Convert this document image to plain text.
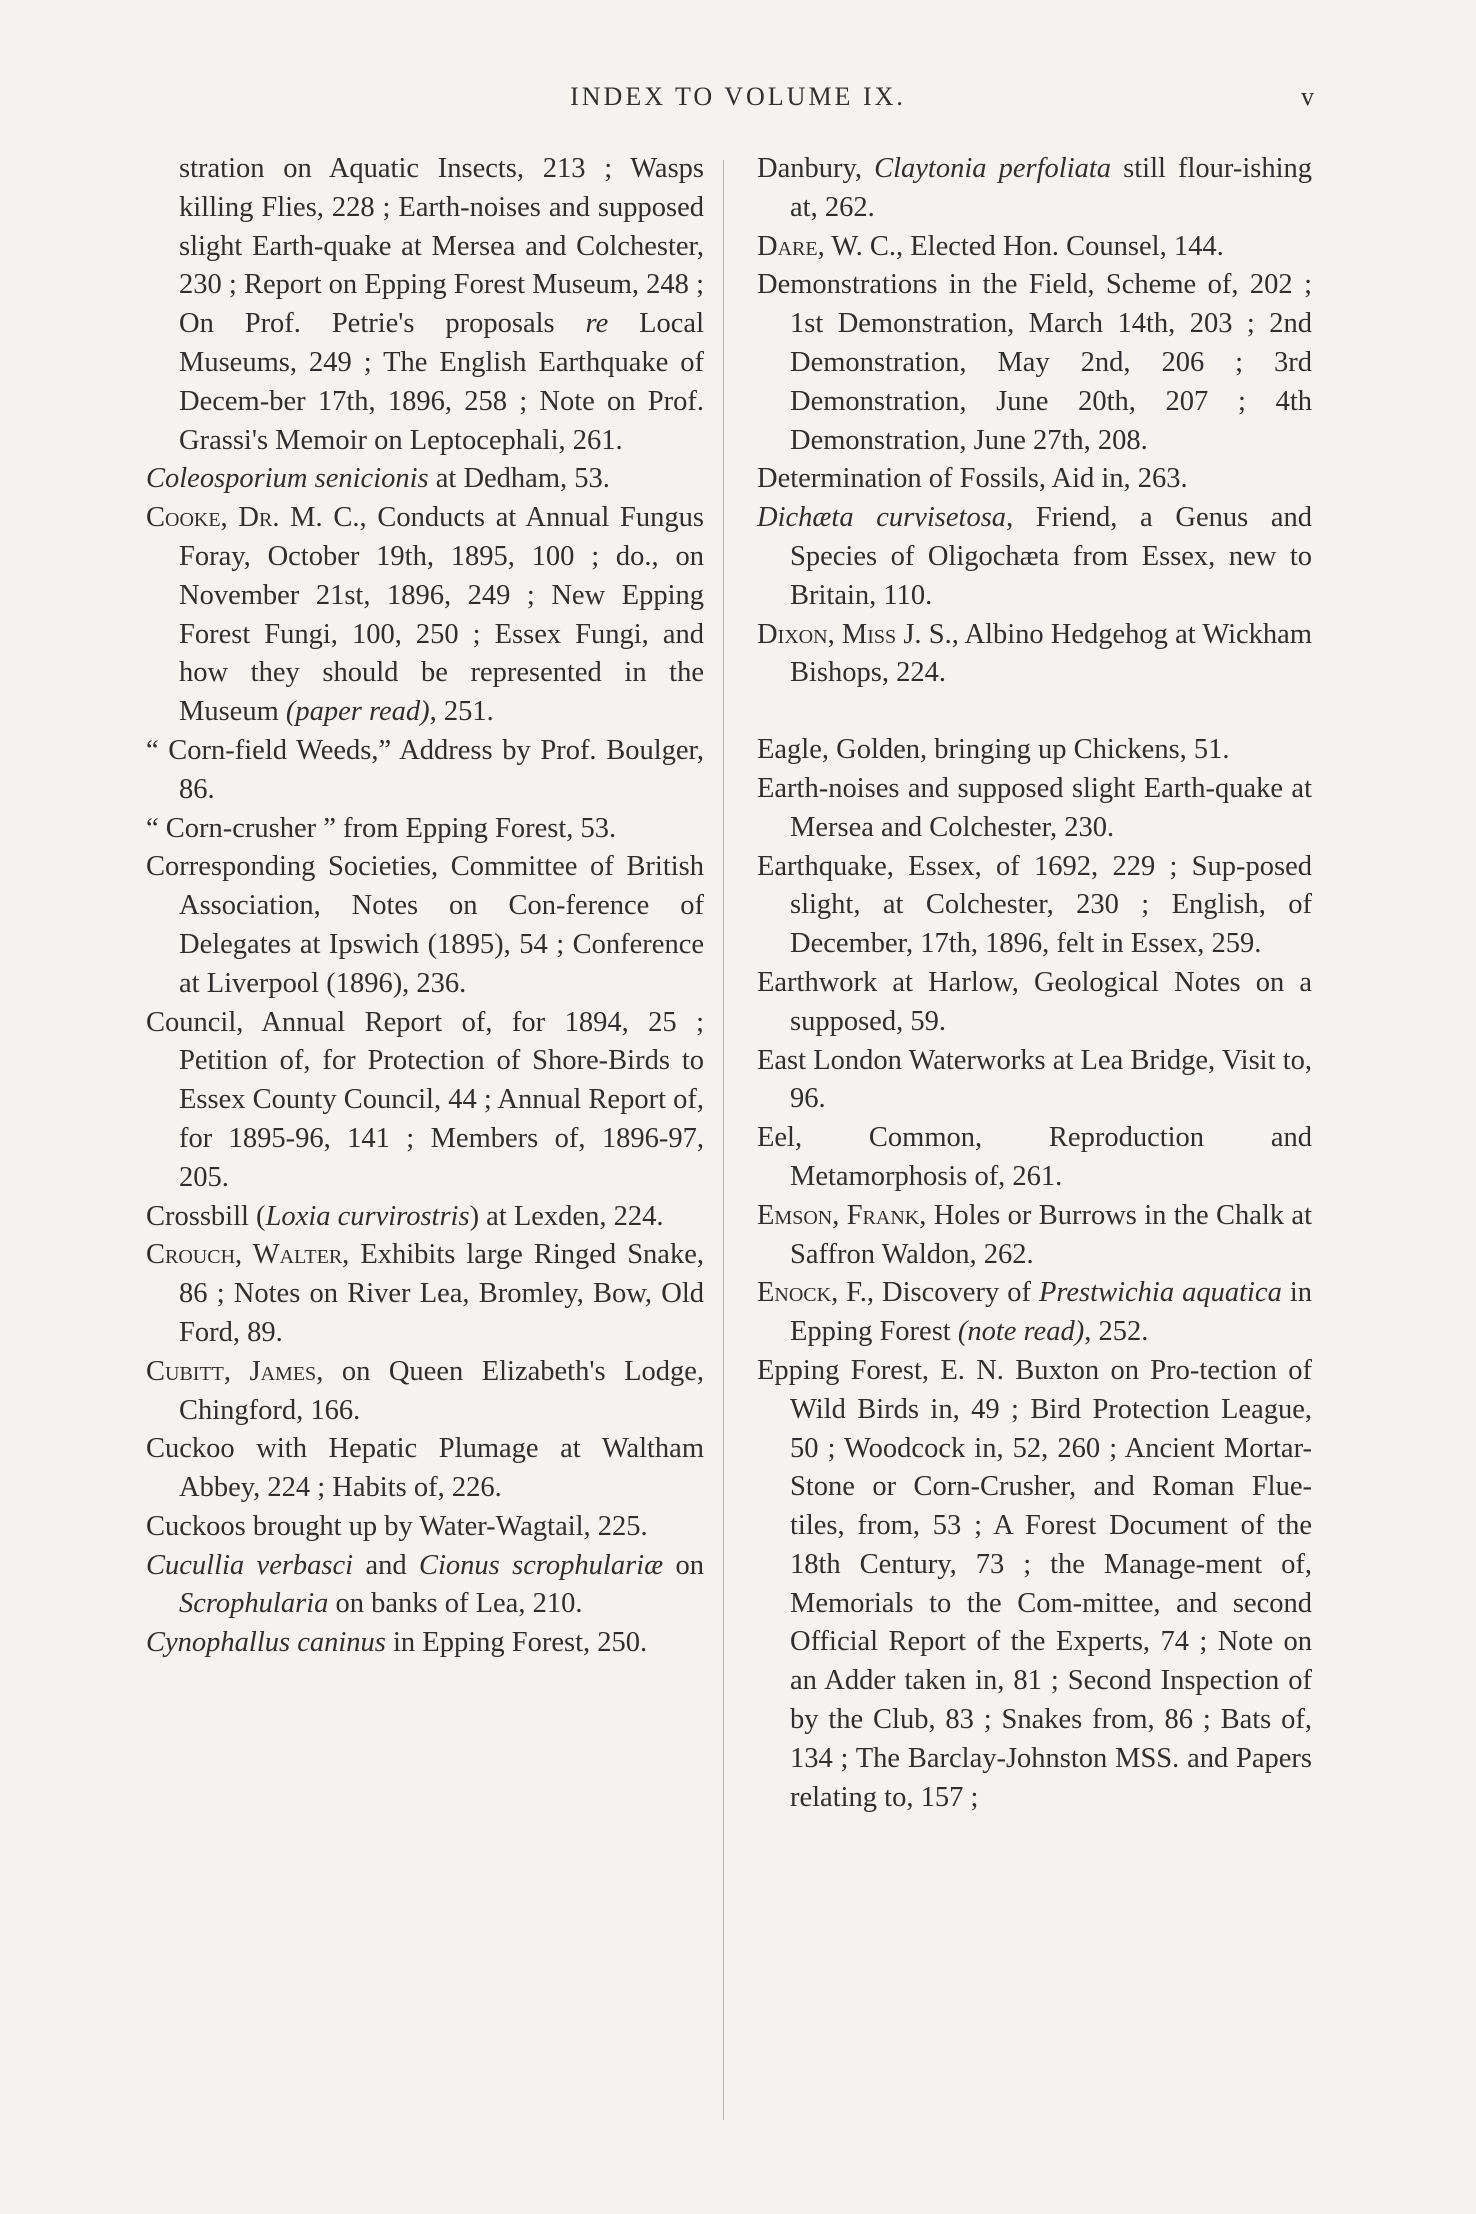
INDEX TO VOLUME IX.	v

stration on Aquatic Insects, 213 ; Wasps killing Flies, 228 ; Earth-noises and supposed slight Earth-quake at Mersea and Colchester, 230 ; Report on Epping Forest Museum, 248 ; On Prof. Petrie's proposals re Local Museums, 249 ; The English Earthquake of Decem-ber 17th, 1896, 258 ; Note on Prof. Grassi's Memoir on Leptocephali, 261.

Coleosporium senicionis at Dedham, 53.

Cooke, Dr. M. C., Conducts at Annual Fungus Foray, October 19th, 1895, 100 ; do., on November 21st, 1896, 249 ; New Epping Forest Fungi, 100, 250 ; Essex Fungi, and how they should be represented in the Museum (paper read), 251.

“ Corn-field Weeds,” Address by Prof. Boulger, 86.

“ Corn-crusher ” from Epping Forest, 53.

Corresponding Societies, Committee of British Association, Notes on Con-ference of Delegates at Ipswich (1895), 54 ; Conference at Liverpool (1896), 236.

Council, Annual Report of, for 1894, 25 ; Petition of, for Protection of Shore-Birds to Essex County Council, 44 ; Annual Report of, for 1895-96, 141 ; Members of, 1896-97, 205.

Crossbill (Loxia curvirostris) at Lexden, 224.

Crouch, Walter, Exhibits large Ringed Snake, 86 ; Notes on River Lea, Bromley, Bow, Old Ford, 89.

Cubitt, James, on Queen Elizabeth's Lodge, Chingford, 166.

Cuckoo with Hepatic Plumage at Waltham Abbey, 224 ; Habits of, 226.

Cuckoos brought up by Water-Wagtail, 225.

Cucullia verbasci and Cionus scrophulariæ on Scrophularia on banks of Lea, 210.

Cynophallus caninus in Epping Forest, 250.

Danbury, Claytonia perfoliata still flour-ishing at, 262.

Dare, W. C., Elected Hon. Counsel, 144.

Demonstrations in the Field, Scheme of, 202 ; 1st Demonstration, March 14th, 203 ; 2nd Demonstration, May 2nd, 206 ; 3rd Demonstration, June 20th, 207 ; 4th Demonstration, June 27th, 208.

Determination of Fossils, Aid in, 263.

Dichæta curvisetosa, Friend, a Genus and Species of Oligochæta from Essex, new to Britain, 110.

Dixon, Miss J. S., Albino Hedgehog at Wickham Bishops, 224.

Eagle, Golden, bringing up Chickens, 51.

Earth-noises and supposed slight Earth-quake at Mersea and Colchester, 230.

Earthquake, Essex, of 1692, 229 ; Sup-posed slight, at Colchester, 230 ; English, of December, 17th, 1896, felt in Essex, 259.

Earthwork at Harlow, Geological Notes on a supposed, 59.

East London Waterworks at Lea Bridge, Visit to, 96.

Eel, Common, Reproduction and Metamorphosis of, 261.

Emson, Frank, Holes or Burrows in the Chalk at Saffron Waldon, 262.

Enock, F., Discovery of Prestwichia aquatica in Epping Forest (note read), 252.

Epping Forest, E. N. Buxton on Pro-tection of Wild Birds in, 49 ; Bird Protection League, 50 ; Woodcock in, 52, 260 ; Ancient Mortar-Stone or Corn-Crusher, and Roman Flue-tiles, from, 53 ; A Forest Document of the 18th Century, 73 ; the Manage-ment of, Memorials to the Com-mittee, and second Official Report of the Experts, 74 ; Note on an Adder taken in, 81 ; Second Inspection of by the Club, 83 ; Snakes from, 86 ; Bats of, 134 ; The Barclay-Johnston MSS. and Papers relating to, 157 ;
